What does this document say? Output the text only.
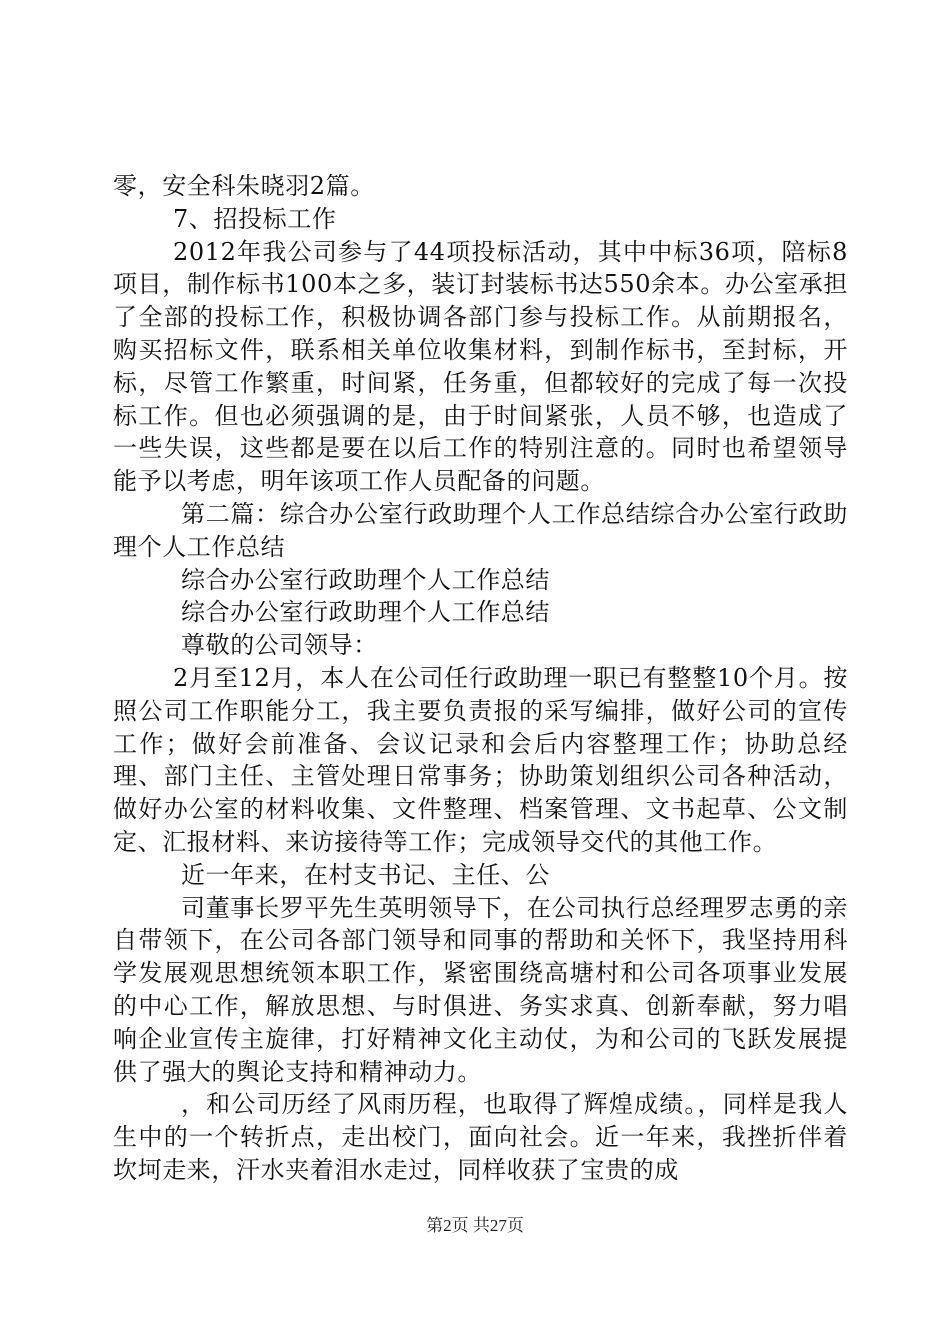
零，安全科朱晓羽2篇。

7、招投标工作

2012年我公司参与了44项投标活动，其中中标36项，陪标8项目，制作标书100本之多，装订封装标书达550余本。办公室承担了全部的投标工作，积极协调各部门参与投标工作。从前期报名，购买招标文件，联系相关单位收集材料，到制作标书，至封标，开标，尽管工作繁重，时间紧，任务重，但都较好的完成了每一次投标工作。但也必须强调的是，由于时间紧张，人员不够，也造成了一些失误，这些都是要在以后工作的特别注意的。同时也希望领导能予以考虑，明年该项工作人员配备的问题。

第二篇：综合办公室行政助理个人工作总结综合办公室行政助理个人工作总结

综合办公室行政助理个人工作总结

综合办公室行政助理个人工作总结

尊敬的公司领导：

2月至12月，本人在公司任行政助理一职已有整整10个月。按照公司工作职能分工，我主要负责报的采写编排，做好公司的宣传工作；做好会前准备、会议记录和会后内容整理工作；协助总经理、部门主任、主管处理日常事务；协助策划组织公司各种活动，做好办公室的材料收集、文件整理、档案管理、文书起草、公文制定、汇报材料、来访接待等工作；完成领导交代的其他工作。

近一年来，在村支书记、主任、公

司董事长罗平先生英明领导下，在公司执行总经理罗志勇的亲自带领下，在公司各部门领导和同事的帮助和关怀下，我坚持用科学发展观思想统领本职工作，紧密围绕高塘村和公司各项事业发展的中心工作，解放思想、与时俱进、务实求真、创新奉献，努力唱响企业宣传主旋律，打好精神文化主动仗，为和公司的飞跃发展提供了强大的舆论支持和精神动力。

，和公司历经了风雨历程，也取得了辉煌成绩。，同样是我人生中的一个转折点，走出校门，面向社会。近一年来，我挫折伴着坎坷走来，汗水夹着泪水走过，同样收获了宝贵的成

第2页 共27页
